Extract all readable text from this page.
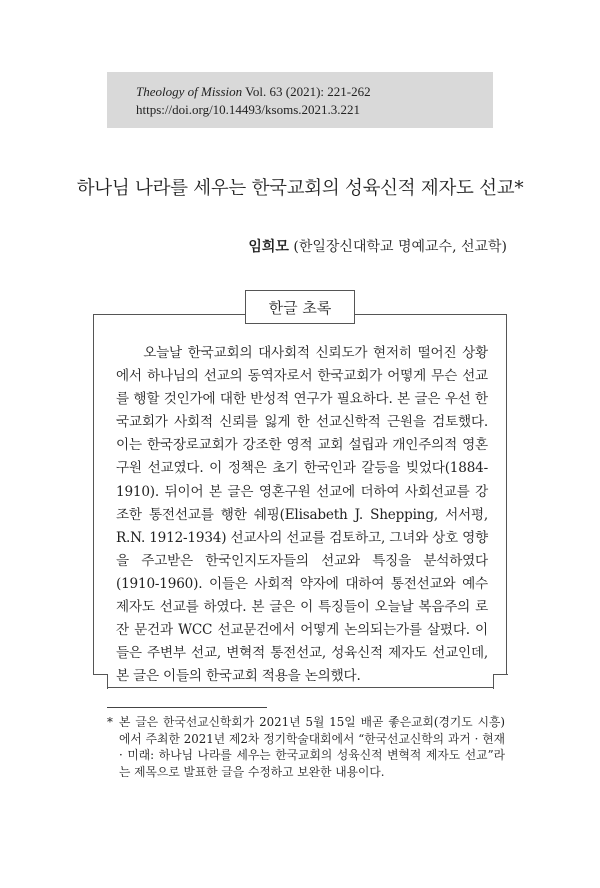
Theology of Mission Vol. 63 (2021): 221-262
https://doi.org/10.14493/ksoms.2021.3.221
하나님 나라를 세우는 한국교회의 성육신적 제자도 선교*
임희모 (한일장신대학교 명예교수, 선교학)
한글 초록
오늘날 한국교회의 대사회적 신뢰도가 현저히 떨어진 상황에서 하나님의 선교의 동역자로서 한국교회가 어떻게 무슨 선교를 행할 것인가에 대한 반성적 연구가 필요하다. 본 글은 우선 한국교회가 사회적 신뢰를 잃게 한 선교신학적 근원을 검토했다. 이는 한국장로교회가 강조한 영적 교회 설립과 개인주의적 영혼구원 선교였다. 이 정책은 초기 한국인과 갈등을 빚었다(1884-1910). 뒤이어 본 글은 영혼구원 선교에 더하여 사회선교를 강조한 통전선교를 행한 쉐핑(Elisabeth J. Shepping, 서서평, R.N. 1912-1934) 선교사의 선교를 검토하고, 그녀와 상호 영향을 주고받은 한국인지도자들의 선교와 특징을 분석하였다(1910-1960). 이들은 사회적 약자에 대하여 통전선교와 예수 제자도 선교를 하였다. 본 글은 이 특징들이 오늘날 복음주의 로잔 문건과 WCC 선교문건에서 어떻게 논의되는가를 살폈다. 이들은 주변부 선교, 변혁적 통전선교, 성육신적 제자도 선교인데, 본 글은 이들의 한국교회 적용을 논의했다.
* 본 글은 한국선교신학회가 2021년 5월 15일 배곧 좋은교회(경기도 시흥)에서 주최한 2021년 제2차 정기학술대회에서 “한국선교신학의 과거 · 현재 · 미래: 하나님 나라를 세우는 한국교회의 성육신적 변혁적 제자도 선교”라는 제목으로 발표한 글을 수정하고 보완한 내용이다.
